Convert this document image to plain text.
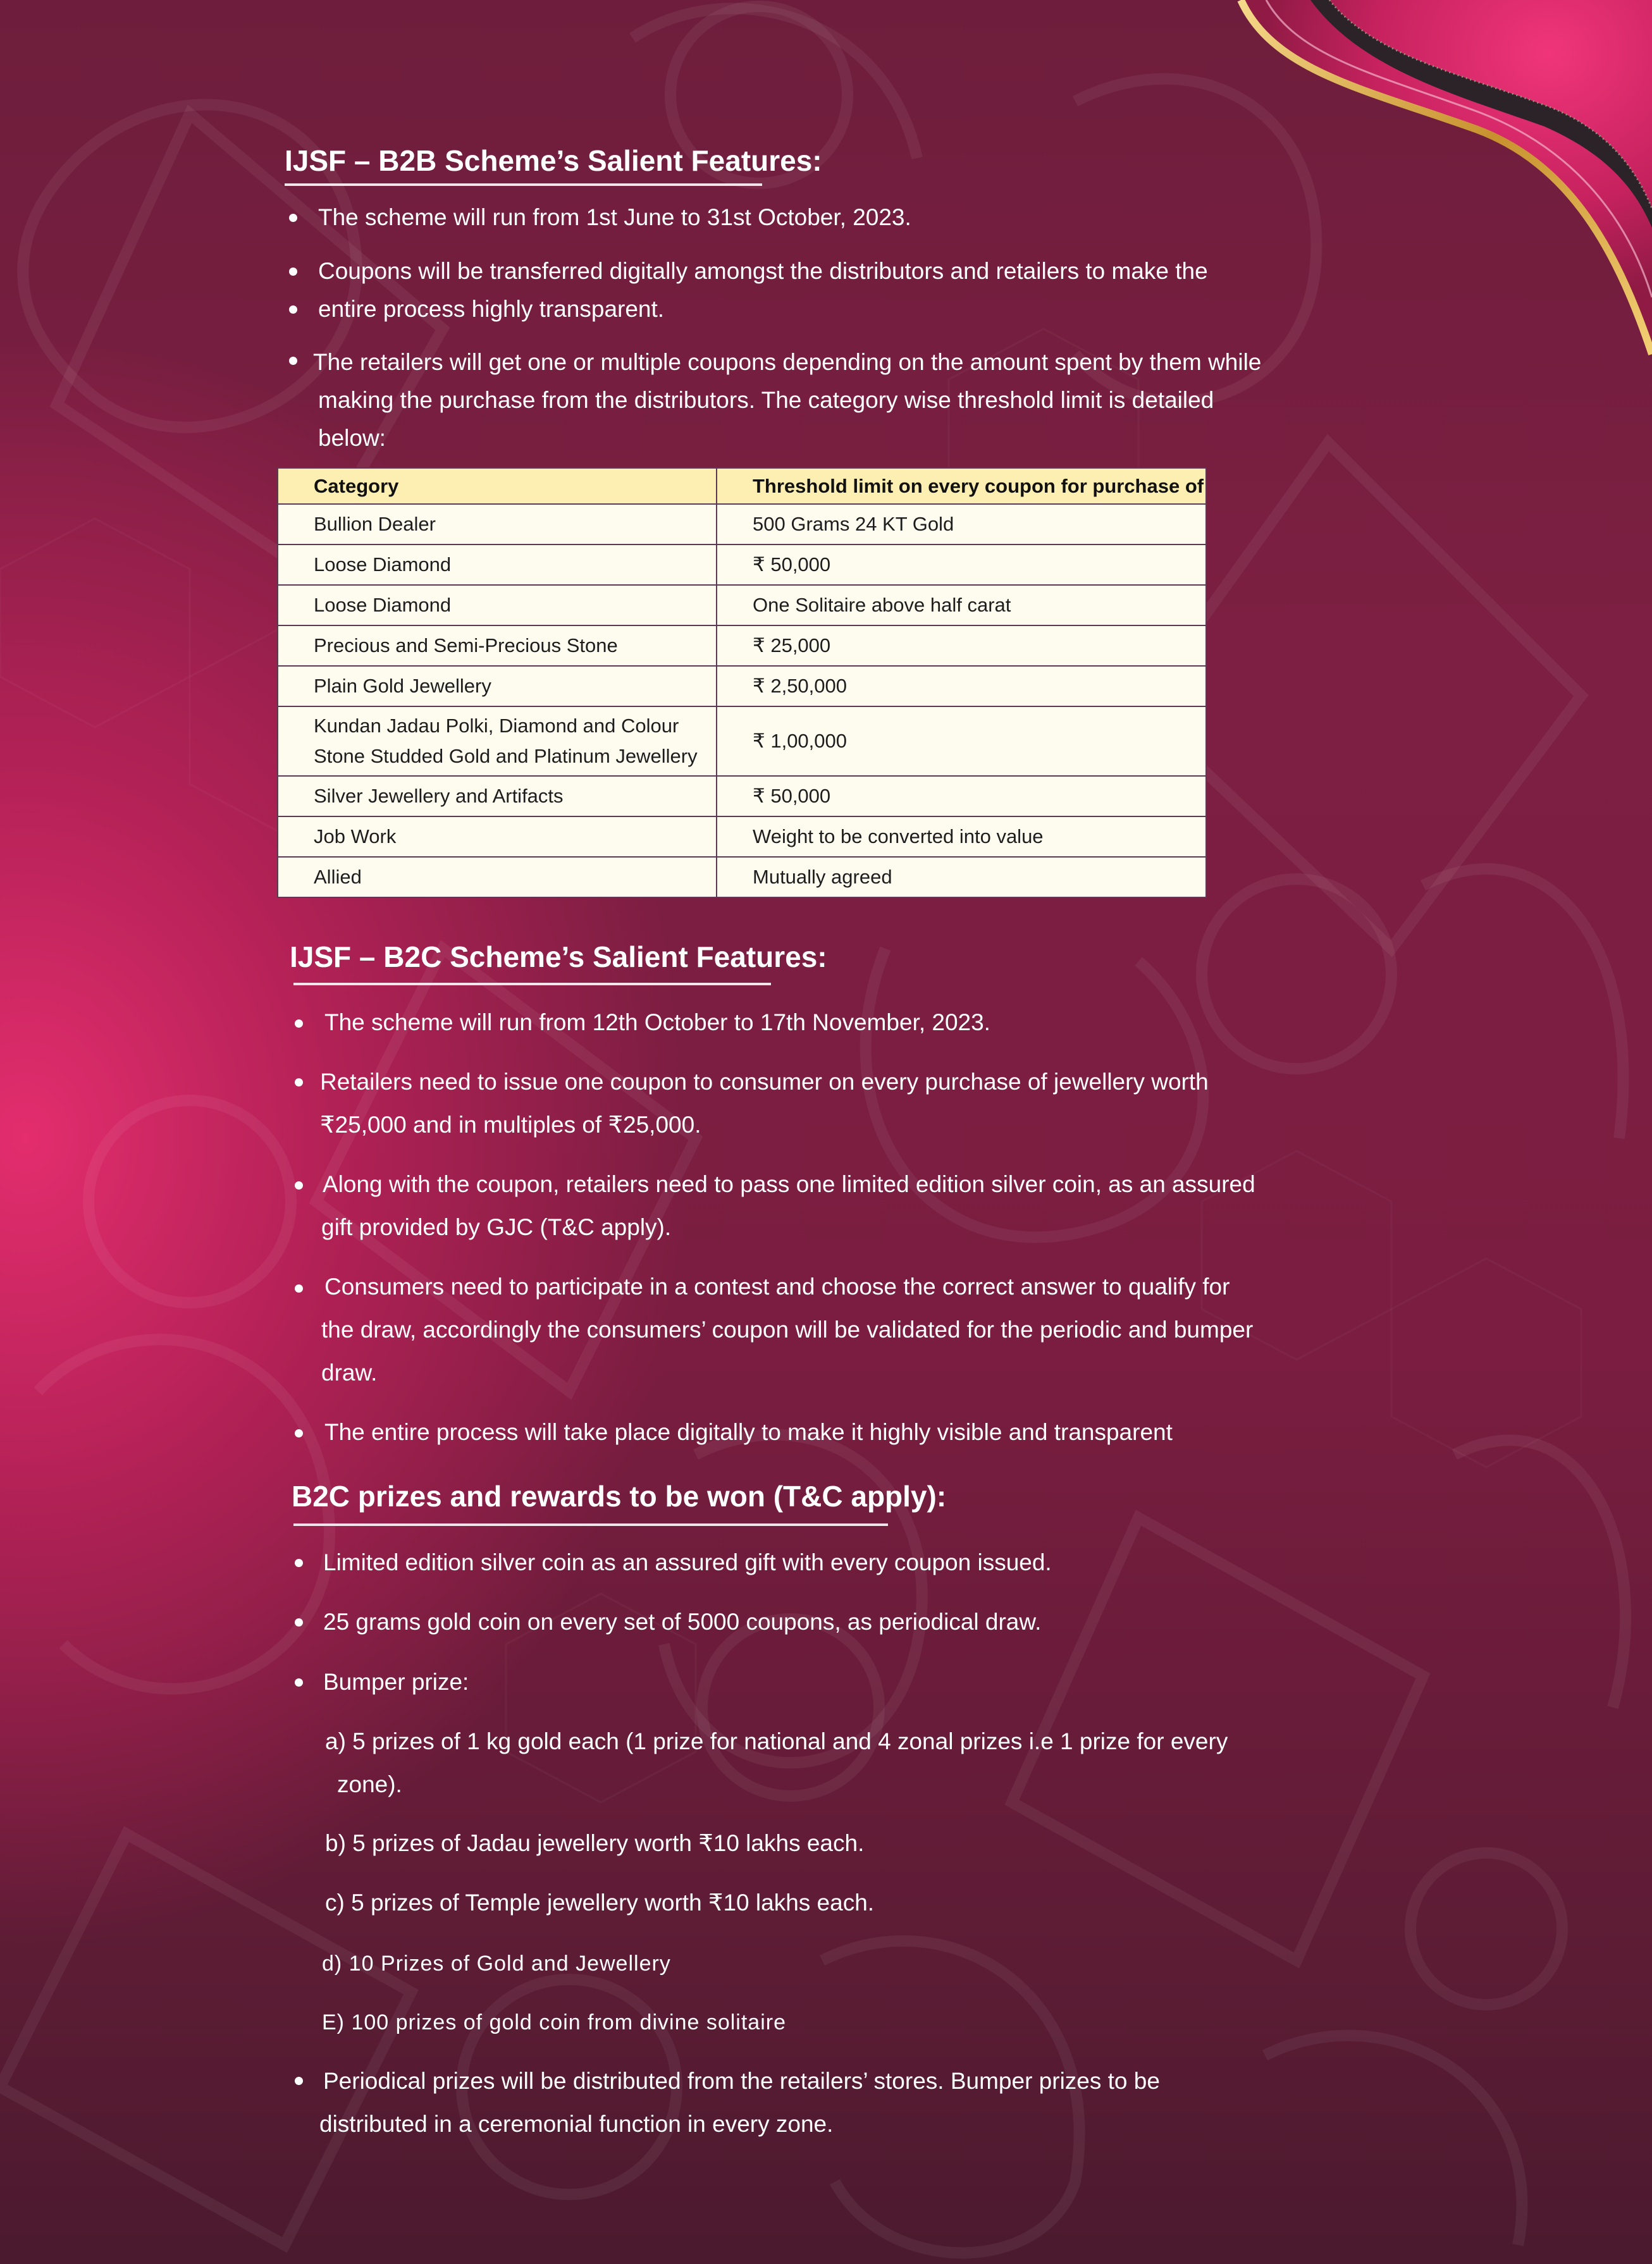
IJSF – B2B Scheme’s Salient Features:

The scheme will run from 1st June to 31st October, 2023.

Coupons will be transferred digitally amongst the distributors and retailers to make the

entire process highly transparent.

The retailers will get one or multiple coupons depending on the amount spent by them while

making the purchase from the distributors. The category wise threshold limit is detailed

below:

Category	Threshold limit on every coupon for purchase of
Bullion Dealer	500 Grams 24 KT Gold
Loose Diamond	₹ 50,000
Loose Diamond	One Solitaire above half carat
Precious and Semi-Precious Stone	₹ 25,000
Plain Gold Jewellery	₹ 2,50,000
Kundan Jadau Polki, Diamond and Colour
Stone Studded Gold and Platinum Jewellery	₹ 1,00,000
Silver Jewellery and Artifacts	₹ 50,000
Job Work	Weight to be converted into value
Allied	Mutually agreed
IJSF – B2C Scheme’s Salient Features:

The scheme will run from 12th October to 17th November, 2023.

Retailers need to issue one coupon to consumer on every purchase of jewellery worth

₹25,000 and in multiples of ₹25,000.

Along with the coupon, retailers need to pass one limited edition silver coin, as an assured

gift provided by GJC (T&C apply).

Consumers need to participate in a contest and choose the correct answer to qualify for

the draw, accordingly the consumers’ coupon will be validated for the periodic and bumper

draw.

The entire process will take place digitally to make it highly visible and transparent

B2C prizes and rewards to be won (T&C apply):

Limited edition silver coin as an assured gift with every coupon issued.

25 grams gold coin on every set of 5000 coupons, as periodical draw.

Bumper prize:

a) 5 prizes of 1 kg gold each (1 prize for national and 4 zonal prizes i.e 1 prize for every

zone).

b) 5 prizes of Jadau jewellery worth ₹10 lakhs each.

c) 5 prizes of Temple jewellery worth ₹10 lakhs each.

d) 10 Prizes of Gold and Jewellery

E) 100 prizes of gold coin from divine solitaire

Periodical prizes will be distributed from the retailers’ stores. Bumper prizes to be

distributed in a ceremonial function in every zone.
